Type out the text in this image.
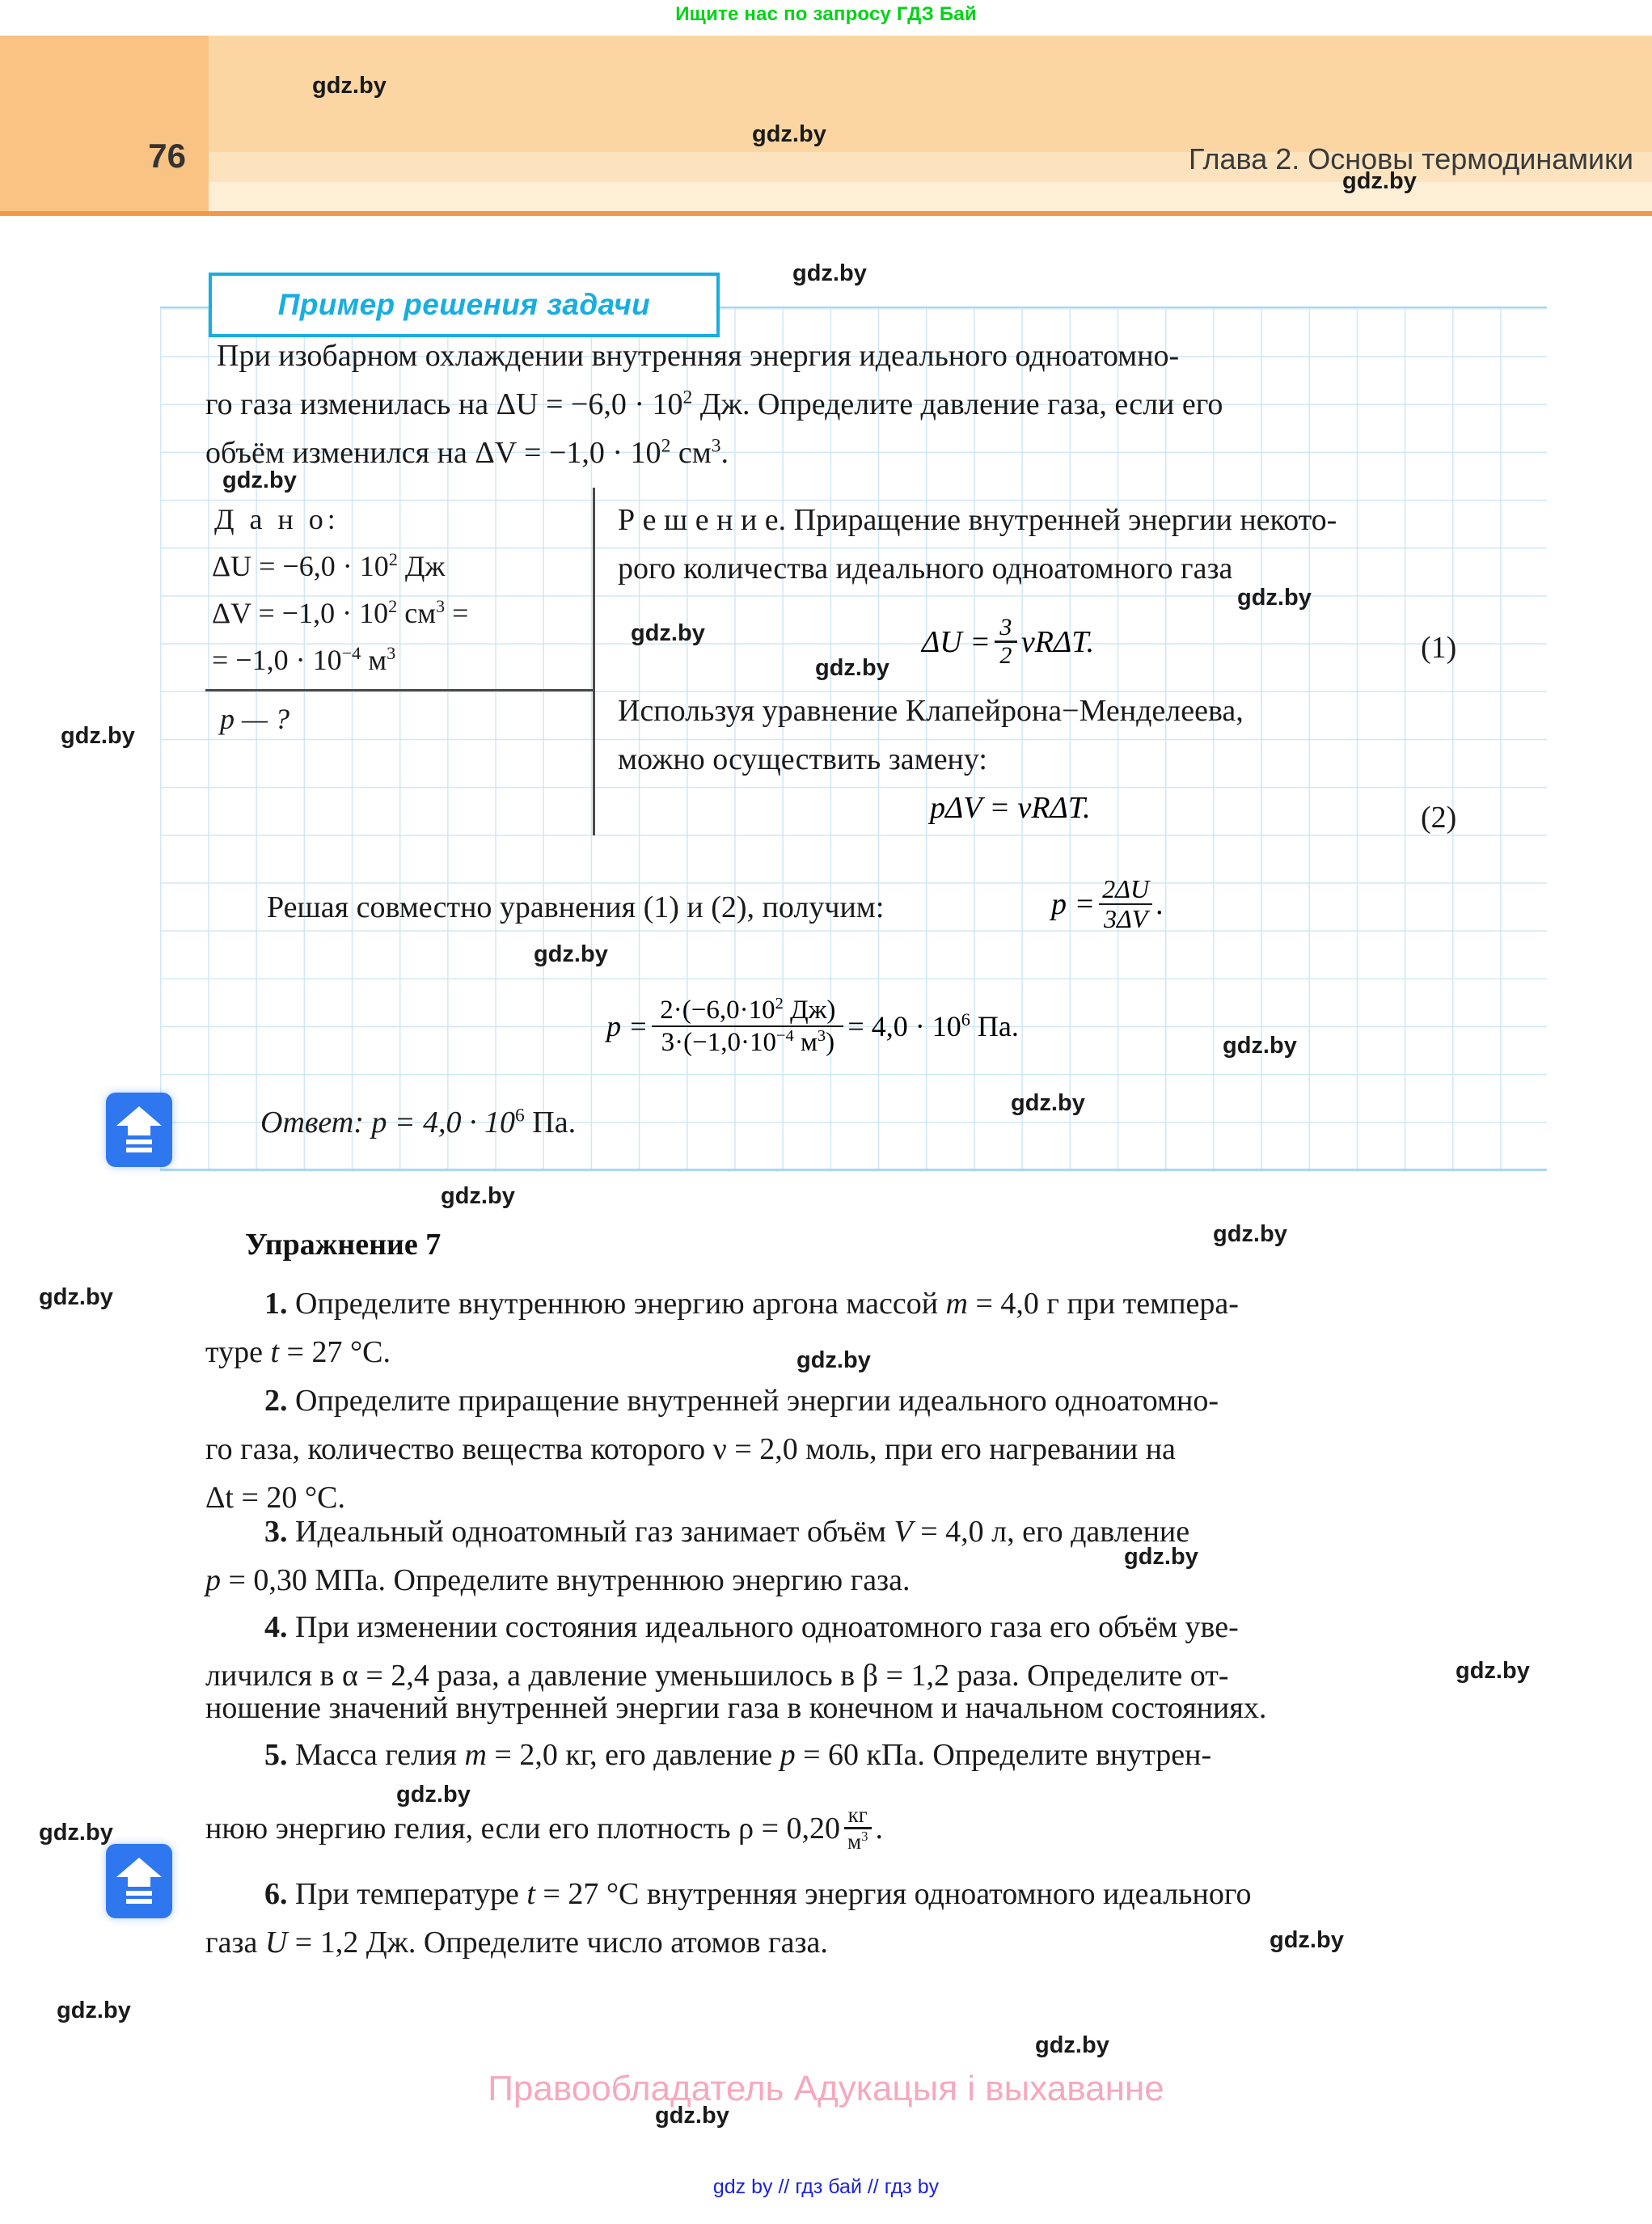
Ищите нас по запросу ГДЗ Бай
76	Глава 2. Основы термодинамики
Пример решения задачи
При изобарном охлаждении внутренняя энергия идеального одноатомно-
го газа изменилась на $\Delta U = -6,0 \cdot 10^2$ Дж. Определите давление газа, если его
объём изменился на $\Delta V = -1,0 \cdot 10^2$ $см^3$.
Д а н о:
$\Delta U = -6,0 \cdot 10^2$ Дж
$\Delta V = -1,0 \cdot 10^2$ $см^3$ =
= $-1,0 \cdot 10^{-4}$ $м^3$
p — ?
Р е ш е н и е. Приращение внутренней энергии некото-
рого количества идеального одноатомного газа
$\Delta U = \frac{3}{2} \nu R\Delta T$.	(1)
Используя уравнение Клапейрона−Менделеева,
можно осуществить замену:
pΔV = νRΔT.	(2)
Решая совместно уравнения (1) и (2), получим:	$p = \frac{2\Delta U}{3\Delta V}$ .
$p = \frac{2\cdot(-6,0\cdot 10^2 Дж)}{3\cdot(-1,0\cdot 10^{-4} м^3)} = 4,0 \cdot 10^6$ Па.
Ответ: $p = 4,0 \cdot 10^6$ Па.
Упражнение 7
1. Определите внутреннюю энергию аргона массой m = 4,0 г при темпера-
туре t = 27 °C.
2. Определите приращение внутренней энергии идеального одноатомно-
го газа, количество вещества которого ν = 2,0 моль, при его нагревании на
Δt = 20 °C.
3. Идеальный одноатомный газ занимает объём V = 4,0 л, его давление
p = 0,30 МПа. Определите внутреннюю энергию газа.
4. При изменении состояния идеального одноатомного газа его объём уве-
личился в α = 2,4 раза, а давление уменьшилось в β = 1,2 раза. Определите от-
ношение значений внутренней энергии газа в конечном и начальном состояниях.
5. Масса гелия m = 2,0 кг, его давление p = 60 кПа. Определите внутрен-
нюю энергию гелия, если его плотность $\rho = 0,20 \frac{кг}{м^3}$ .
6. При температуре t = 27 °C внутренняя энергия одноатомного идеального
газа U = 1,2 Дж. Определите число атомов газа.
Правообладатель Адукацыя i выхаванне
gdz by // гдз бай // гдз by
gdz.by
gdz.by
gdz.by
gdz.by
gdz.by
gdz.by
gdz.by
gdz.by
gdz.by
gdz.by
gdz.by
gdz.by
gdz.by
gdz.by
gdz.by
gdz.by
gdz.by
gdz.by
gdz.by
gdz.by
gdz.by
gdz.by
gdz.by
gdz.by
